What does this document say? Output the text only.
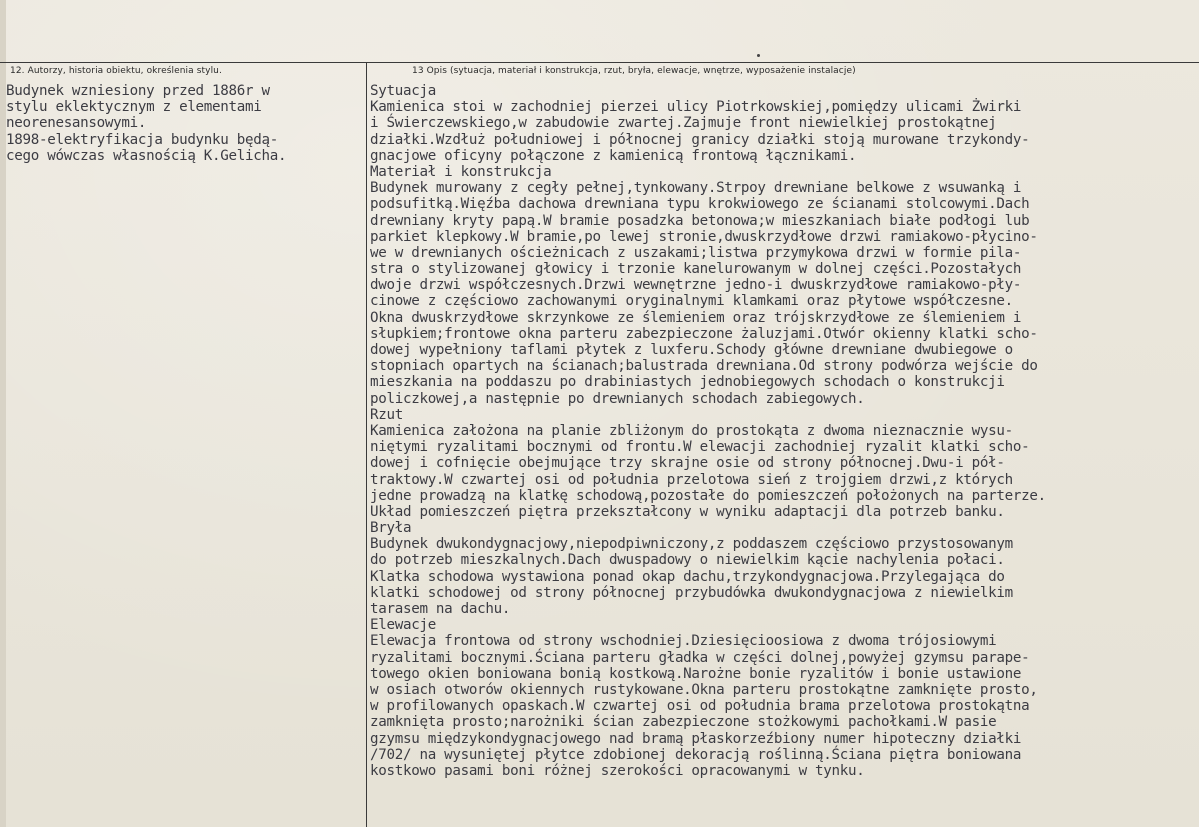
12. Autorzy, historia obiektu, określenia stylu.	13 Opis (sytuacja, materiał i konstrukcja, rzut, bryła, elewacje, wnętrze, wyposażenie instalacje)
Budynek wzniesiony przed 1886r w
stylu eklektycznym z elementami
neorenesansowymi.
1898-elektryfikacja budynku będą-
cego wówczas własnością K.Gelicha.
Sytuacja
Kamienica stoi w zachodniej pierzei ulicy Piotrkowskiej,pomiędzy ulicami Żwirki
i Świerczewskiego,w zabudowie zwartej.Zajmuje front niewielkiej prostokątnej
działki.Wzdłuż południowej i północnej granicy działki stoją murowane trzykondy-
gnacjowe oficyny połączone z kamienicą frontową łącznikami.
Materiał i konstrukcja
Budynek murowany z cegły pełnej,tynkowany.Strpoy drewniane belkowe z wsuwanką i
podsufitką.Więźba dachowa drewniana typu krokwiowego ze ścianami stolcowymi.Dach
drewniany kryty papą.W bramie posadzka betonowa;w mieszkaniach białe podłogi lub
parkiet klepkowy.W bramie,po lewej stronie,dwuskrzydłowe drzwi ramiakowo-płycino-
we w drewnianych ościeżnicach z uszakami;listwa przymykowa drzwi w formie pila-
stra o stylizowanej głowicy i trzonie kanelurowanym w dolnej części.Pozostałych
dwoje drzwi współczesnych.Drzwi wewnętrzne jedno-i dwuskrzydłowe ramiakowo-pły-
cinowe z częściowo zachowanymi oryginalnymi klamkami oraz płytowe współczesne.
Okna dwuskrzydłowe skrzynkowe ze ślemieniem oraz trójskrzydłowe ze ślemieniem i
słupkiem;frontowe okna parteru zabezpieczone żaluzjami.Otwór okienny klatki scho-
dowej wypełniony taflami płytek z luxferu.Schody główne drewniane dwubiegowe o
stopniach opartych na ścianach;balustrada drewniana.Od strony podwórza wejście do
mieszkania na poddaszu po drabiniastych jednobiegowych schodach o konstrukcji
policzkowej,a następnie po drewnianych schodach zabiegowych.
Rzut
Kamienica założona na planie zbliżonym do prostokąta z dwoma nieznacznie wysu-
niętymi ryzalitami bocznymi od frontu.W elewacji zachodniej ryzalit klatki scho-
dowej i cofnięcie obejmujące trzy skrajne osie od strony północnej.Dwu-i pół-
traktowy.W czwartej osi od południa przelotowa sień z trojgiem drzwi,z których
jedne prowadzą na klatkę schodową,pozostałe do pomieszczeń położonych na parterze.
Układ pomieszczeń piętra przekształcony w wyniku adaptacji dla potrzeb banku.
Bryła
Budynek dwukondygnacjowy,niepodpiwniczony,z poddaszem częściowo przystosowanym
do potrzeb mieszkalnych.Dach dwuspadowy o niewielkim kącie nachylenia połaci.
Klatka schodowa wystawiona ponad okap dachu,trzykondygnacjowa.Przylegająca do
klatki schodowej od strony północnej przybudówka dwukondygnacjowa z niewielkim
tarasem na dachu.
Elewacje
Elewacja frontowa od strony wschodniej.Dziesięcioosiowa z dwoma trójosiowymi
ryzalitami bocznymi.Ściana parteru gładka w części dolnej,powyżej gzymsu parape-
towego okien boniowana bonią kostkową.Narożne bonie ryzalitów i bonie ustawione
w osiach otworów okiennych rustykowane.Okna parteru prostokątne zamknięte prosto,
w profilowanych opaskach.W czwartej osi od południa brama przelotowa prostokątna
zamknięta prosto;narożniki ścian zabezpieczone stożkowymi pachołkami.W pasie
gzymsu międzykondygnacjowego nad bramą płaskorzeźbiony numer hipoteczny działki
/702/ na wysuniętej płytce zdobionej dekoracją roślinną.Ściana piętra boniowana
kostkowo pasami boni różnej szerokości opracowanymi w tynku.
